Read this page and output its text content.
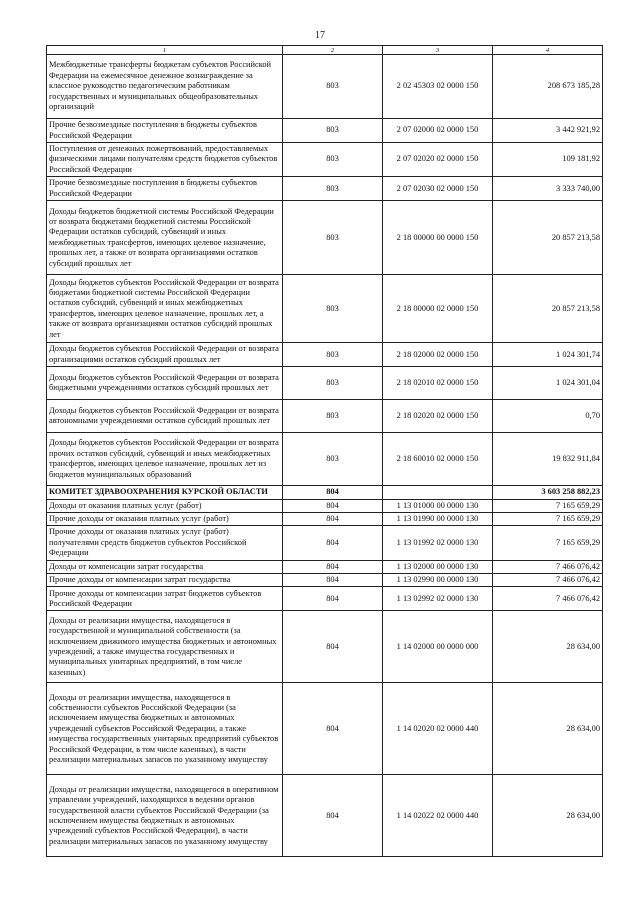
17
1	2	3	4
Межбюджетные трансферты бюджетам субъектов Российской Федерации на ежемесячное денежное вознаграждение за классное руководство педагогическим работникам государственных и муниципальных общеобразовательных организаций	803	2 02 45303 02 0000 150	208 673 185,28
Прочие безвозмездные поступления в бюджеты субъектов Российской Федерации	803	2 07 02000 02 0000 150	3 442 921,92
Поступления от денежных пожертвований, предоставляемых физическими лицами получателям средств бюджетов субъектов Российской Федерации	803	2 07 02020 02 0000 150	109 181,92
Прочие безвозмездные поступления в бюджеты субъектов Российской Федерации	803	2 07 02030 02 0000 150	3 333 740,00
Доходы бюджетов бюджетной системы Российской Федерации от возврата бюджетами бюджетной системы Российской Федерации остатков субсидий, субвенций и иных межбюджетных трансфертов, имеющих целевое назначение, прошлых лет, а также от возврата организациями остатков субсидий прошлых лет	803	2 18 00000 00 0000 150	20 857 213,58
Доходы бюджетов субъектов Российской Федерации от возврата бюджетами бюджетной системы Российской Федерации остатков субсидий, субвенций и иных межбюджетных трансфертов, имеющих целевое назначение, прошлых лет, а также от возврата организациями остатков субсидий прошлых лет	803	2 18 00000 02 0000 150	20 857 213,58
Доходы бюджетов субъектов Российской Федерации от возврата организациями остатков субсидий прошлых лет	803	2 18 02000 02 0000 150	1 024 301,74
Доходы бюджетов субъектов Российской Федерации от возврата бюджетными учреждениями остатков субсидий прошлых лет	803	2 18 02010 02 0000 150	1 024 301,04
Доходы бюджетов субъектов Российской Федерации от возврата автономными учреждениями остатков субсидий прошлых лет	803	2 18 02020 02 0000 150	0,70
Доходы бюджетов субъектов Российской Федерации от возврата прочих остатков субсидий, субвенций и иных межбюджетных трансфертов, имеющих целевое назначение, прошлых лет из бюджетов муниципальных образований	803	2 18 60010 02 0000 150	19 832 911,84
КОМИТЕТ ЗДРАВООХРАНЕНИЯ КУРСКОЙ ОБЛАСТИ	804		3 603 258 882,23
Доходы от оказания платных услуг (работ)	804	1 13 01000 00 0000 130	7 165 659,29
Прочие доходы от оказания платных услуг (работ)	804	1 13 01990 00 0000 130	7 165 659,29
Прочие доходы от оказания платных услуг (работ) получателями средств бюджетов субъектов Российской Федерации	804	1 13 01992 02 0000 130	7 165 659,29
Доходы от компенсации затрат государства	804	1 13 02000 00 0000 130	7 466 076,42
Прочие доходы от компенсации затрат государства	804	1 13 02990 00 0000 130	7 466 076,42
Прочие доходы от компенсации затрат бюджетов субъектов Российской Федерации	804	1 13 02992 02 0000 130	7 466 076,42
Доходы от реализации имущества, находящегося в государственной и муниципальной собственности (за исключением движимого имущества бюджетных и автономных учреждений, а также имущества государственных и муниципальных унитарных предприятий, в том числе казенных)	804	1 14 02000 00 0000 000	28 634,00
Доходы от реализации имущества, находящегося в собственности субъектов Российской Федерации (за исключением имущества бюджетных и автономных учреждений субъектов Российской Федерации, а также имущества государственных унитарных предприятий субъектов Российской Федерации, в том числе казенных), в части реализации материальных запасов по указанному имуществу	804	1 14 02020 02 0000 440	28 634,00
Доходы от реализации имущества, находящегося в оперативном управлении учреждений, находящихся в ведении органов государственной власти субъектов Российской Федерации (за исключением имущества бюджетных и автономных учреждений субъектов Российской Федерации), в части реализации материальных запасов по указанному имуществу	804	1 14 02022 02 0000 440	28 634,00
